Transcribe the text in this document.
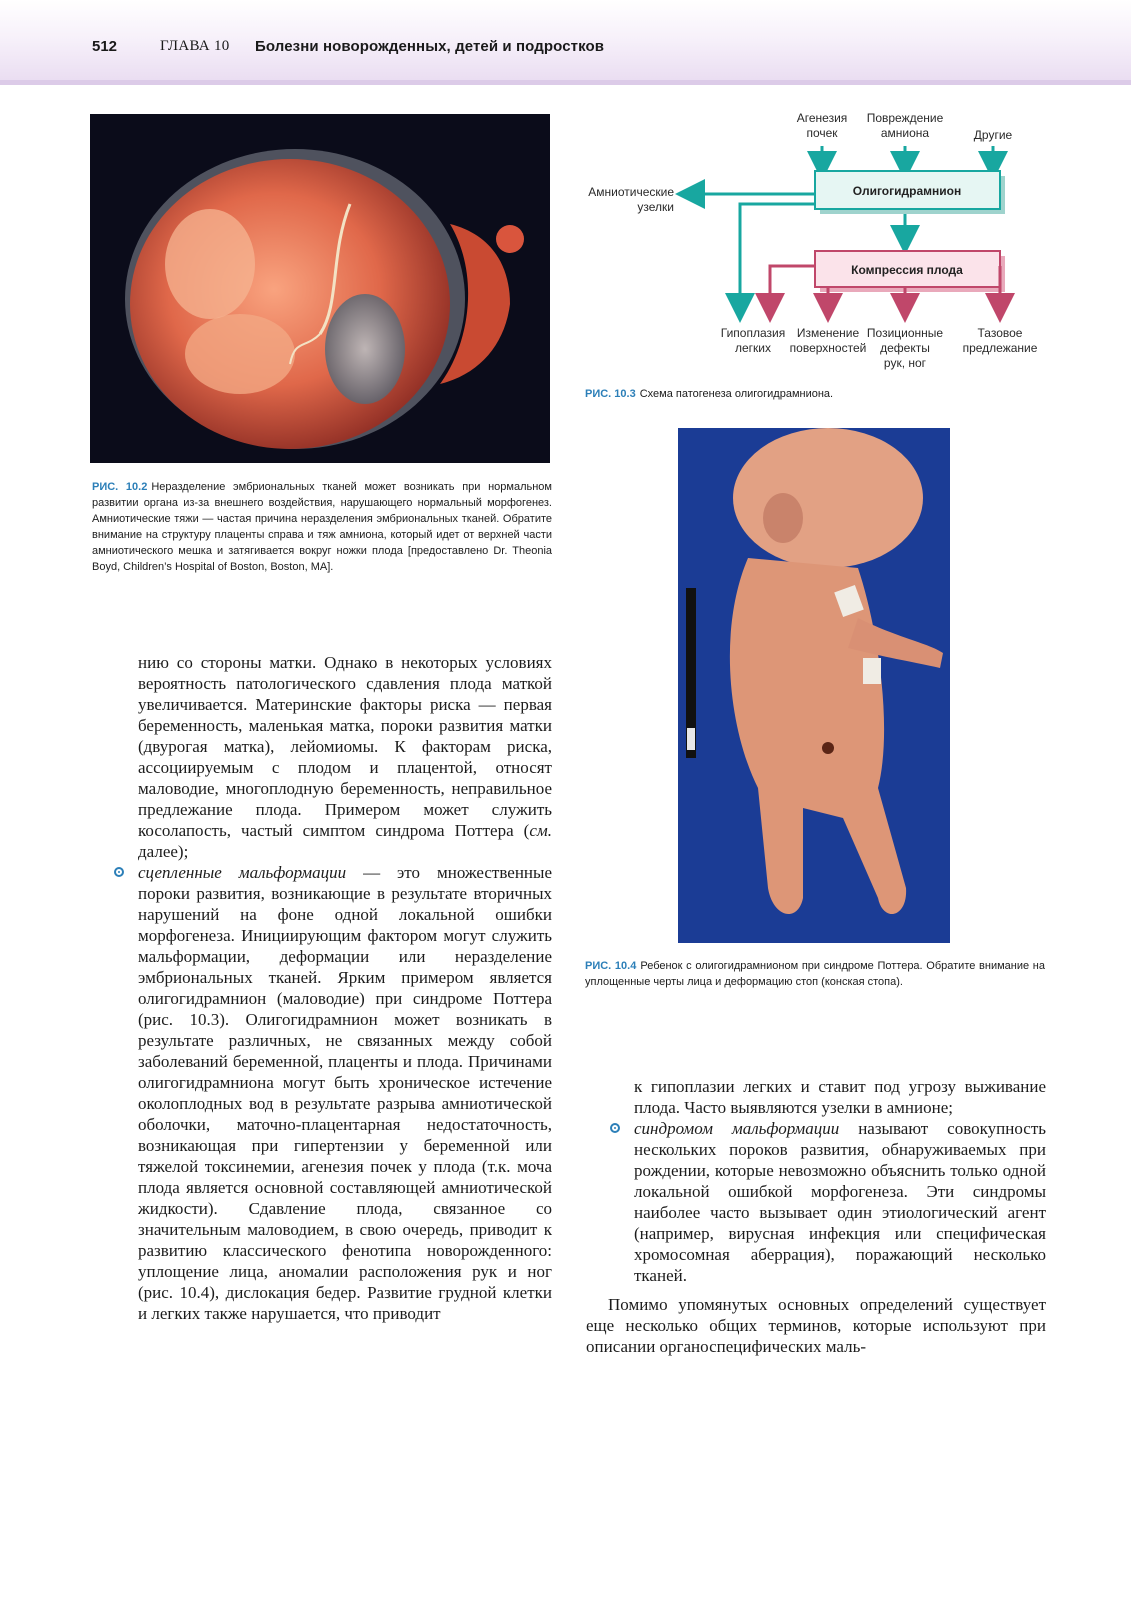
512	ГЛАВА 10 Болезни новорожденных, детей и подростков
РИС. 10.2 Неразделение эмбриональных тканей может возникать при нормальном развитии органа из-за внешнего воздействия, нарушающего нормальный морфогенез. Амниотические тяжи — частая причина неразделения эмбриональных тканей. Обратите внимание на структуру плаценты справа и тяж амниона, который идет от верхней части амниотического мешка и затягивается вокруг ножки плода [предоставлено Dr. Theonia Boyd, Children’s Hospital of Boston, Boston, MA].
Агенезия почек
Повреждение амниона	Другие
Олигогидрамнион
Амниотические узелки
Компрессия плода
Гипоплазия легких
Изменение поверхностей
Позиционные дефекты рук, ног
Тазовое предлежание
РИС. 10.3 Схема патогенеза олигогидрамниона.
РИС. 10.4 Ребенок с олигогидрамнионом при синдроме Поттера. Обратите внимание на уплощенные черты лица и деформацию стоп (конская стопа).

нию со стороны матки. Однако в некоторых условиях вероятность патологического сдавления плода маткой увеличивается. Материнские факторы риска — первая беременность, маленькая матка, пороки развития матки (двурогая матка), лейомиомы. К факторам риска, ассоциируемым с плодом и плацентой, относят маловодие, многоплодную беременность, неправильное предлежание плода. Примером может служить косолапость, частый симптом синдрома Поттера (см. далее);

сцепленные мальформации — это множественные пороки развития, возникающие в результате вторичных нарушений на фоне одной локальной ошибки морфогенеза. Инициирующим фактором могут служить мальформации, деформации или неразделение эмбриональных тканей. Ярким примером является олигогидрамнион (маловодие) при синдроме Поттера (рис. 10.3). Олигогидрамнион может возникать в результате различных, не связанных между собой заболеваний беременной, плаценты и плода. Причинами олигогидрамниона могут быть хроническое истечение околоплодных вод в результате разрыва амниотической оболочки, маточно-плацентарная недостаточность, возникающая при гипертензии у беременной или тяжелой токсинемии, агенезия почек у плода (т.к. моча плода является основной составляющей амниотической жидкости). Сдавление плода, связанное со значительным маловодием, в свою очередь, приводит к развитию классического фенотипа новорожденного: уплощение лица, аномалии расположения рук и ног (рис. 10.4), дислокация бедер. Развитие грудной клетки и легких также нарушается, что приводит

к гипоплазии легких и ставит под угрозу выживание плода. Часто выявляются узелки в амнионе;

синдромом мальформации называют совокупность нескольких пороков развития, обнаруживаемых при рождении, которые невозможно объяснить только одной локальной ошибкой морфогенеза. Эти синдромы наиболее часто вызывает один этиологический агент (например, вирусная инфекция или специфическая хромосомная аберрация), поражающий несколько тканей.

Помимо упомянутых основных определений существует еще несколько общих терминов, которые используют при описании органоспецифических маль-
